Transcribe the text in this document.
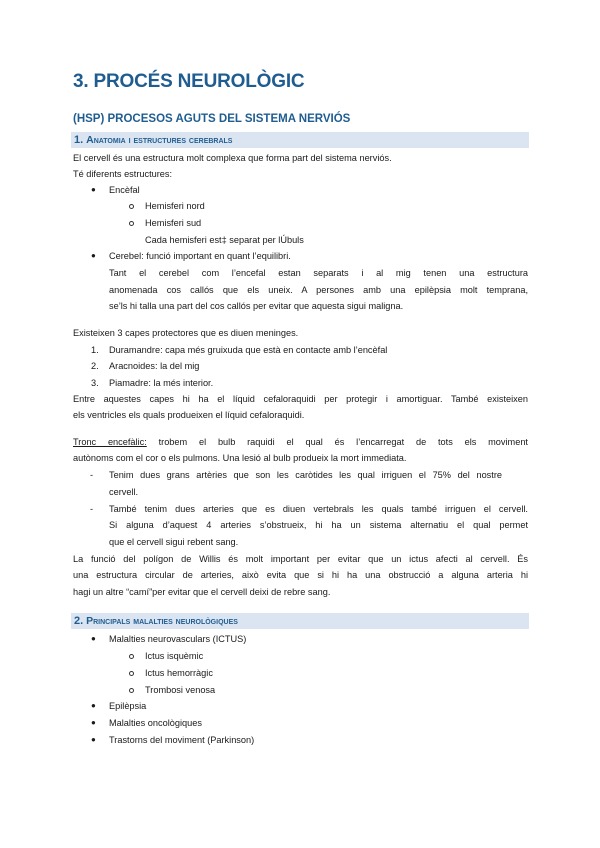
3. PROCÉS NEUROLÒGIC
(HSP) PROCESOS AGUTS DEL SISTEMA NERVIÓS
1. Anatomia i estructures cerebrals
El cervell és una estructura molt complexa que forma part del sistema nerviós.
Té diferents estructures:
● Encèfal
Hemisferi nord
Hemisferi sud
Cada hemisferi est‡ separat per lÚbuls
● Cerebel: funció important en quant l’equilibri.
Tant el cerebel com l’encefal estan separats i al mig tenen una estructura
anomenada cos callós que els uneix. A persones amb una epilèpsia molt temprana,
se’ls hi talla una part del cos callós per evitar que aquesta sigui maligna.
Existeixen 3 capes protectores que es diuen meninges.
1. Duramandre: capa més gruixuda que està en contacte amb l’encèfal
2. Aracnoides: la del mig
3. Piamadre: la més interior.
Entre aquestes capes hi ha el líquid cefaloraquidi per protegir i amortiguar. També existeixen
els ventricles els quals produeixen el líquid cefaloraquidi.
Tronc encefàlic: trobem el bulb raquidi el qual és l’encarregat de tots els moviment
autònoms com el cor o els pulmons. Una lesió al bulb produeix la mort immediata.
- Tenim dues grans artèries que son les caròtides les qual irriguen el 75% del nostre
cervell.
- També tenim dues arteries que es diuen vertebrals les quals també irriguen el cervell.
Si alguna d’aquest 4 arteries s’obstrueix, hi ha un sistema alternatiu el qual permet
que el cervell sigui rebent sang.
La funció del polígon de Willis és molt important per evitar que un ictus afecti al cervell. És
una estructura circular de arteries, això evita que si hi ha una obstrucció a alguna arteria hi
hagi un altre “camí”per evitar que el cervell deixi de rebre sang.
2. Principals malalties neurològiques
● Malalties neurovasculars (ICTUS)
Ictus isquèmic
Ictus hemorràgic
Trombosi venosa
● Epilèpsia
● Malalties oncològiques
● Trastorns del moviment (Parkinson)
